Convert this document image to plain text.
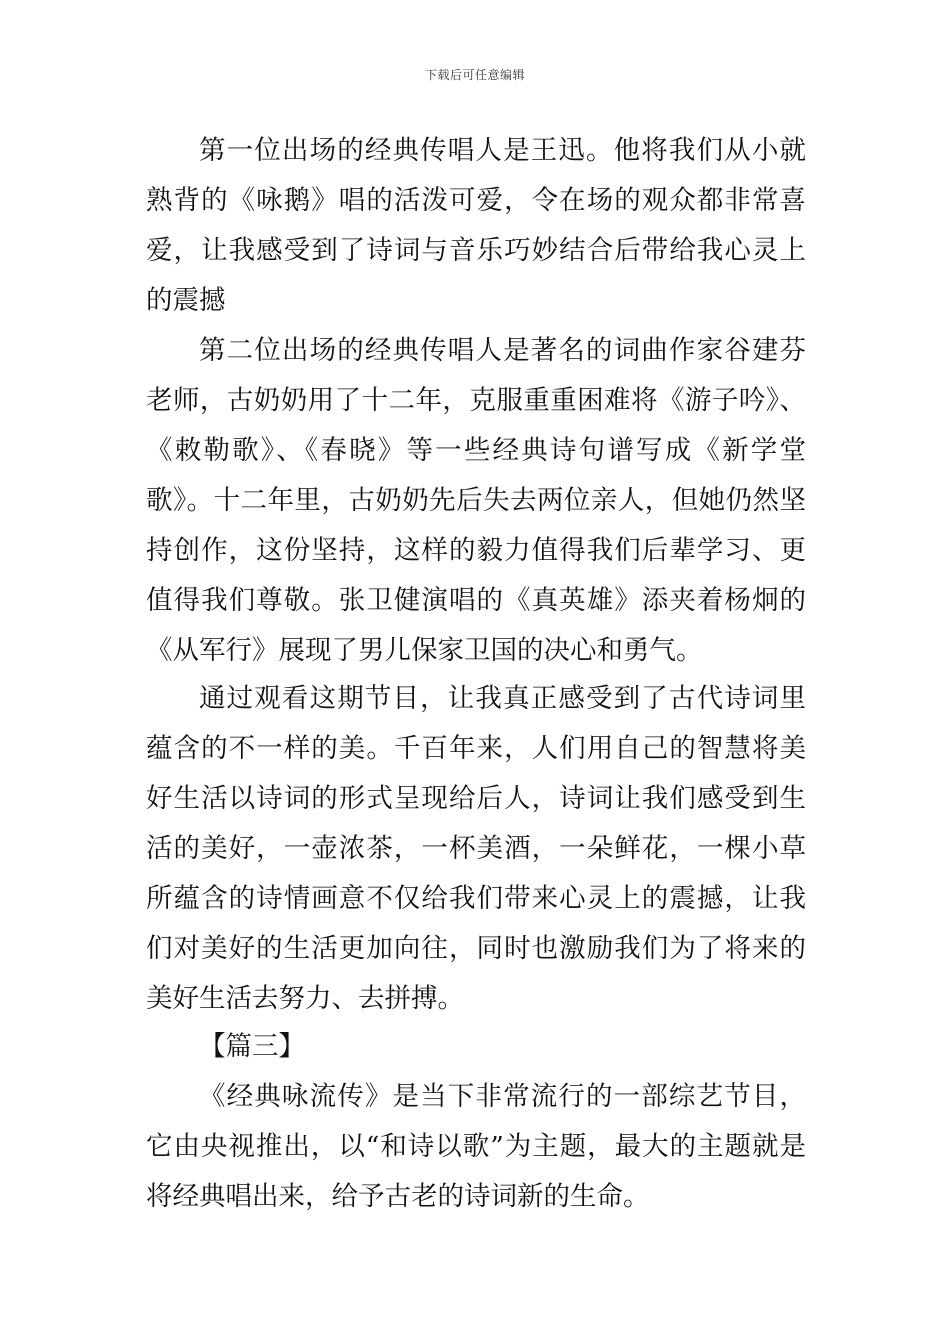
下载后可任意编辑

第一位出场的经典传唱人是王迅。他将我们从小就熟背的《咏鹅》唱的活泼可爱，令在场的观众都非常喜爱，让我感受到了诗词与音乐巧妙结合后带给我心灵上的震撼

第二位出场的经典传唱人是著名的词曲作家谷建芬老师，古奶奶用了十二年，克服重重困难将《游子吟》、《敕勒歌》、《春晓》等一些经典诗句谱写成《新学堂歌》。十二年里，古奶奶先后失去两位亲人，但她仍然坚持创作，这份坚持，这样的毅力值得我们后辈学习、更值得我们尊敬。张卫健演唱的《真英雄》添夹着杨炯的《从军行》展现了男儿保家卫国的决心和勇气。

通过观看这期节目，让我真正感受到了古代诗词里蕴含的不一样的美。千百年来，人们用自己的智慧将美好生活以诗词的形式呈现给后人，诗词让我们感受到生活的美好，一壶浓茶，一杯美酒，一朵鲜花，一棵小草所蕴含的诗情画意不仅给我们带来心灵上的震撼，让我们对美好的生活更加向往，同时也激励我们为了将来的美好生活去努力、去拼搏。

【篇三】

《经典咏流传》是当下非常流行的一部综艺节目，它由央视推出，以“和诗以歌”为主题，最大的主题就是将经典唱出来，给予古老的诗词新的生命。
